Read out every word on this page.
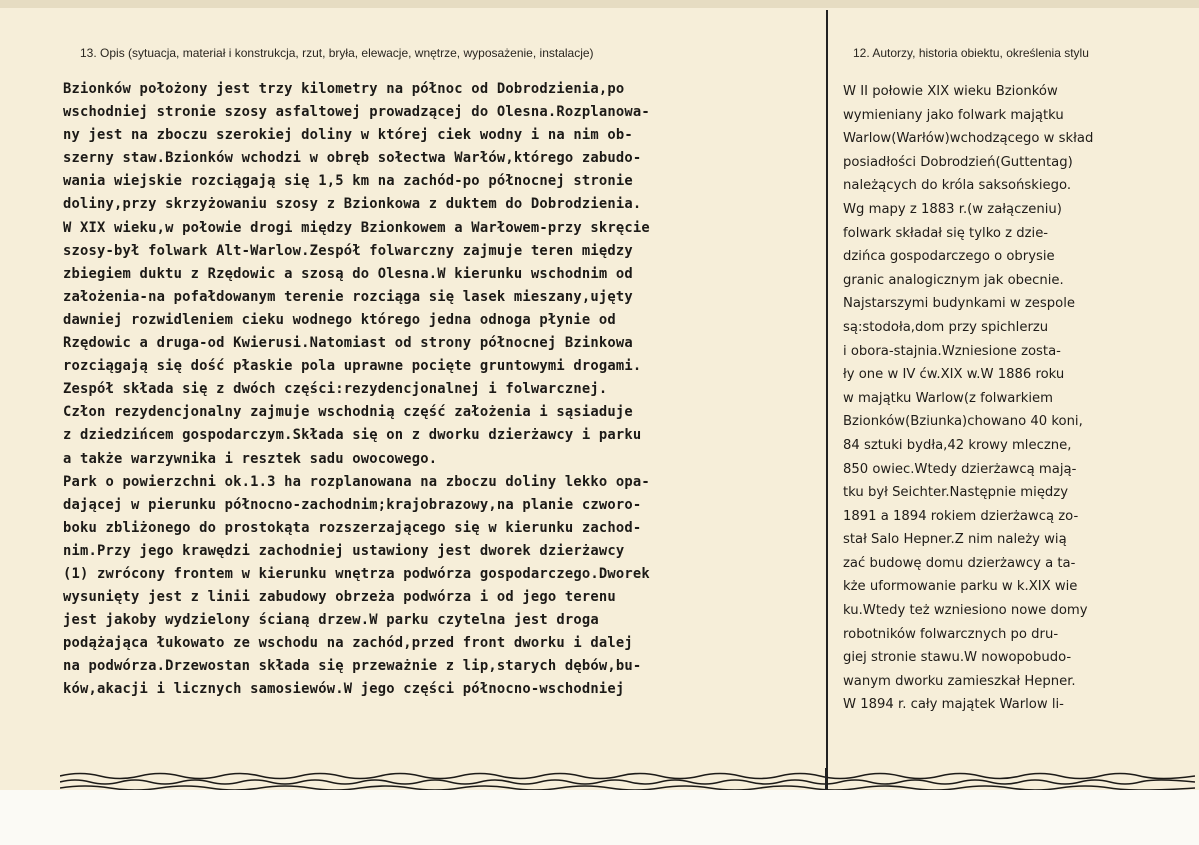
13. Opis (sytuacja, materiał i konstrukcja, rzut, bryła, elewacje, wnętrze, wyposażenie, instalacje)	12. Autorzy, historia obiektu, określenia stylu
Bzionków położony jest trzy kilometry na północ od Dobrodzienia,po
wschodniej stronie szosy asfaltowej prowadzącej do Olesna.Rozplanowa-
ny jest na zboczu szerokiej doliny w której ciek wodny i na nim ob-
szerny staw.Bzionków wchodzi w obręb sołectwa Warłów,którego zabudo-
wania wiejskie rozciągają się 1,5 km na zachód-po północnej stronie
doliny,przy skrzyżowaniu szosy z Bzionkowa z duktem do Dobrodzienia.
W XIX wieku,w połowie drogi między Bzionkowem a Warłowem-przy skręcie
szosy-był folwark Alt-Warlow.Zespół folwarczny zajmuje teren między
zbiegiem duktu z Rzędowic a szosą do Olesna.W kierunku wschodnim od
założenia-na pofałdowanym terenie rozciąga się lasek mieszany,ujęty
dawniej rozwidleniem cieku wodnego którego jedna odnoga płynie od
Rzędowic a druga-od Kwierusi.Natomiast od strony północnej Bzinkowa
rozciągają się dość płaskie pola uprawne pocięte gruntowymi drogami.
Zespół składa się z dwóch części:rezydencjonalnej i folwarcznej.
Człon rezydencjonalny zajmuje wschodnią część założenia i sąsiaduje
z dziedzińcem gospodarczym.Składa się on z dworku dzierżawcy i parku
a także warzywnika i resztek sadu owocowego.
Park o powierzchni ok.1.3 ha rozplanowana na zboczu doliny lekko opa-
dającej w pierunku północno-zachodnim;krajobrazowy,na planie czworo-
boku zbliżonego do prostokąta rozszerzającego się w kierunku zachod-
nim.Przy jego krawędzi zachodniej ustawiony jest dworek dzierżawcy
(1) zwrócony frontem w kierunku wnętrza podwórza gospodarczego.Dworek
wysunięty jest z linii zabudowy obrzeża podwórza i od jego terenu
jest jakoby wydzielony ścianą drzew.W parku czytelna jest droga
podążająca łukowato ze wschodu na zachód,przed front dworku i dalej
na podwórza.Drzewostan składa się przeważnie z lip,starych dębów,bu-
ków,akacji i licznych samosiewów.W jego części północno-wschodniej
W II połowie XIX wieku Bzionków
wymieniany jako folwark majątku
Warlow(Warłów)wchodzącego w skład
posiadłości Dobrodzień(Guttentag)
należących do króla saksońskiego.
Wg mapy z 1883 r.(w załączeniu)
folwark składał się tylko z dzie-
dzińca gospodarczego o obrysie
granic analogicznym jak obecnie.
Najstarszymi budynkami w zespole
są:stodoła,dom przy spichlerzu
i obora-stajnia.Wzniesione zosta-
ły one w IV ćw.XIX w.W 1886 roku
w majątku Warlow(z folwarkiem
Bzionków(Bziunka)chowano 40 koni,
84 sztuki bydła,42 krowy mleczne,
850 owiec.Wtedy dzierżawcą mają-
tku był Seichter.Następnie między
1891 a 1894 rokiem dzierżawcą zo-
stał Salo Hepner.Z nim należy wią
zać budowę domu dzierżawcy a ta-
kże uformowanie parku w k.XIX wie
ku.Wtedy też wzniesiono nowe domy
robotników folwarcznych po dru-
giej stronie stawu.W nowopobudo-
wanym dworku zamieszkał Hepner.
W 1894 r. cały majątek Warlow li-
